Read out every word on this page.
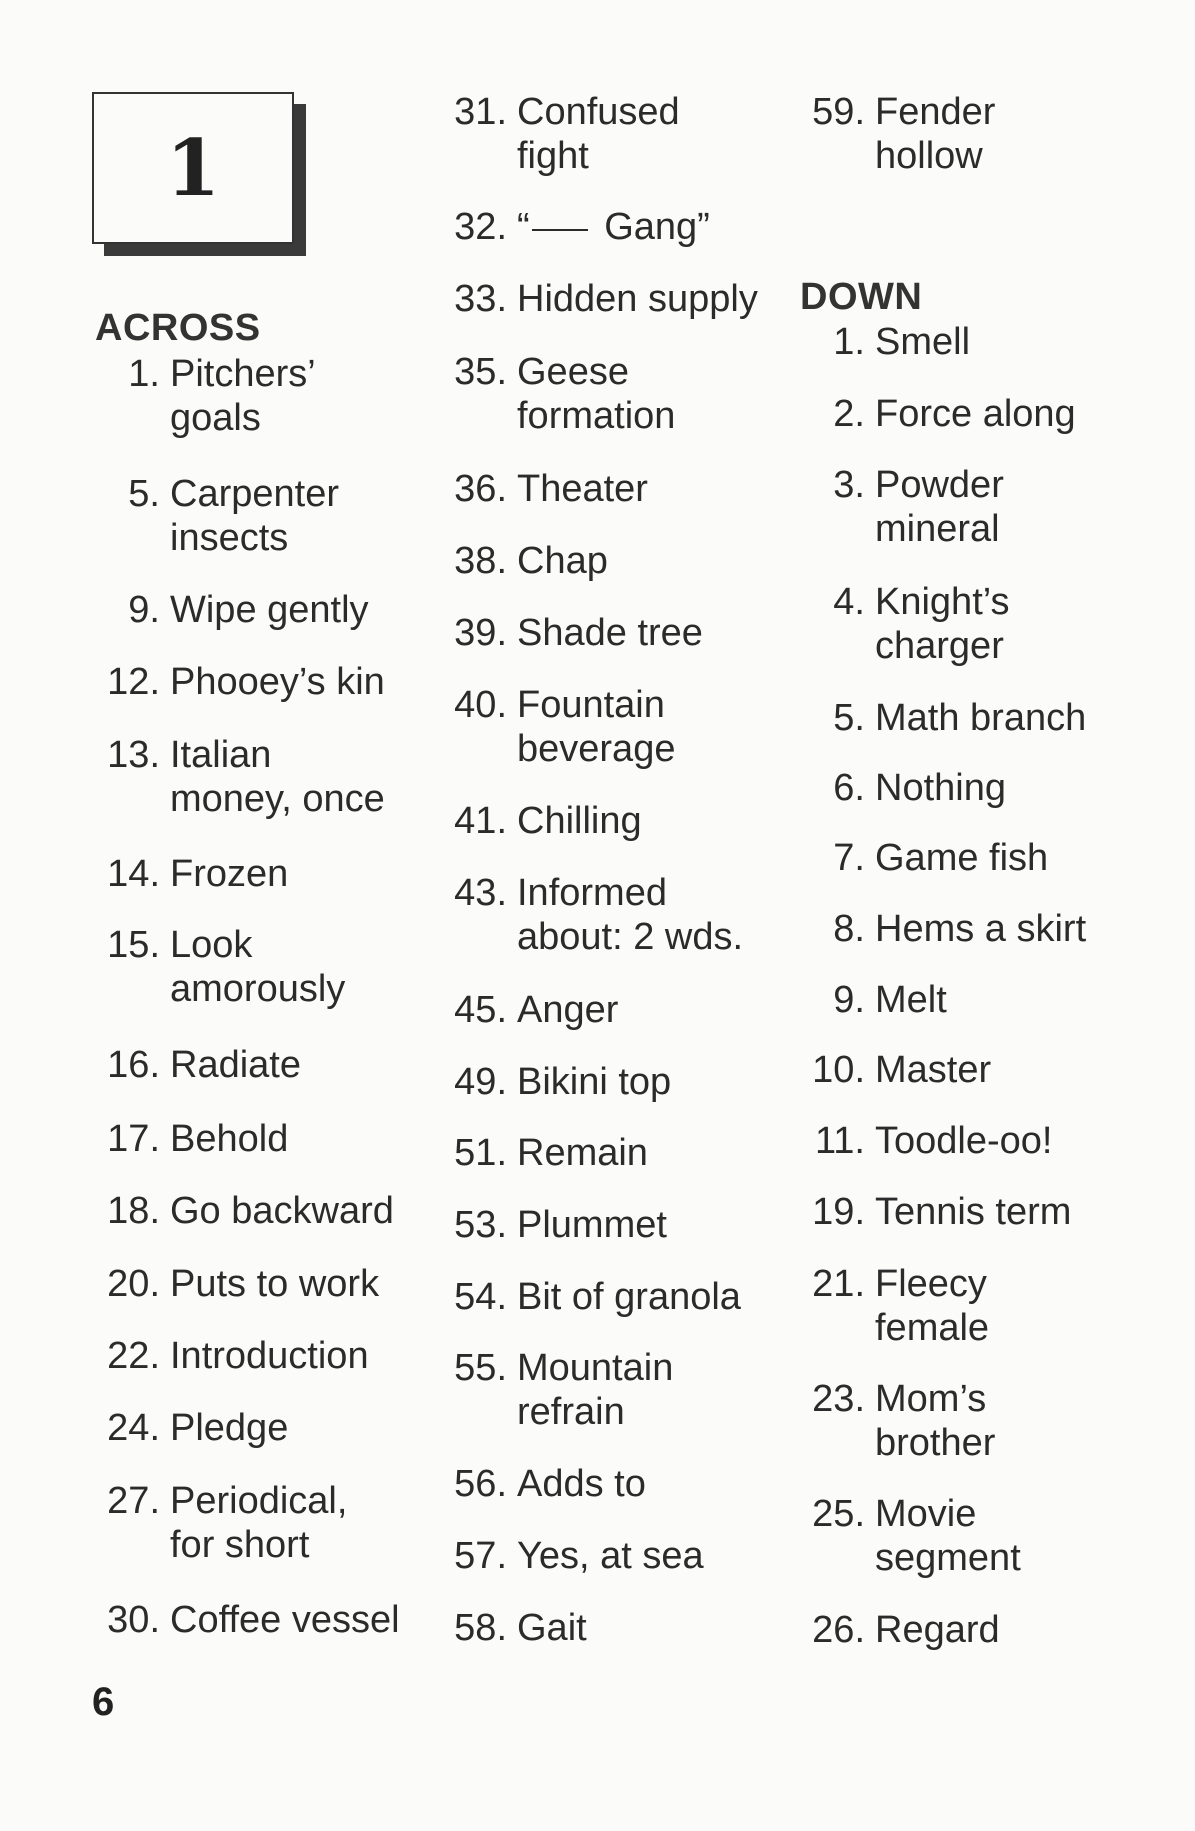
1
ACROSS
DOWN
1. Pitchers’
goals
5. Carpenter
insects
9. Wipe gently
12. Phooey’s kin
13. Italian
money, once
14. Frozen
15. Look
amorously
16. Radiate
17. Behold
18. Go backward
20. Puts to work
22. Introduction
24. Pledge
27. Periodical,
for short
30. Coffee vessel
31. Confused
fight
32. “ Gang”
33. Hidden supply
35. Geese
formation
36. Theater
38. Chap
39. Shade tree
40. Fountain
beverage
41. Chilling
43. Informed
about: 2 wds.
45. Anger
49. Bikini top
51. Remain
53. Plummet
54. Bit of granola
55. Mountain
refrain
56. Adds to
57. Yes, at sea
58. Gait
59. Fender
hollow
1. Smell
2. Force along
3. Powder
mineral
4. Knight’s
charger
5. Math branch
6. Nothing
7. Game fish
8. Hems a skirt
9. Melt
10. Master
11. Toodle-oo!
19. Tennis term
21. Fleecy
female
23. Mom’s
brother
25. Movie
segment
26. Regard
6
